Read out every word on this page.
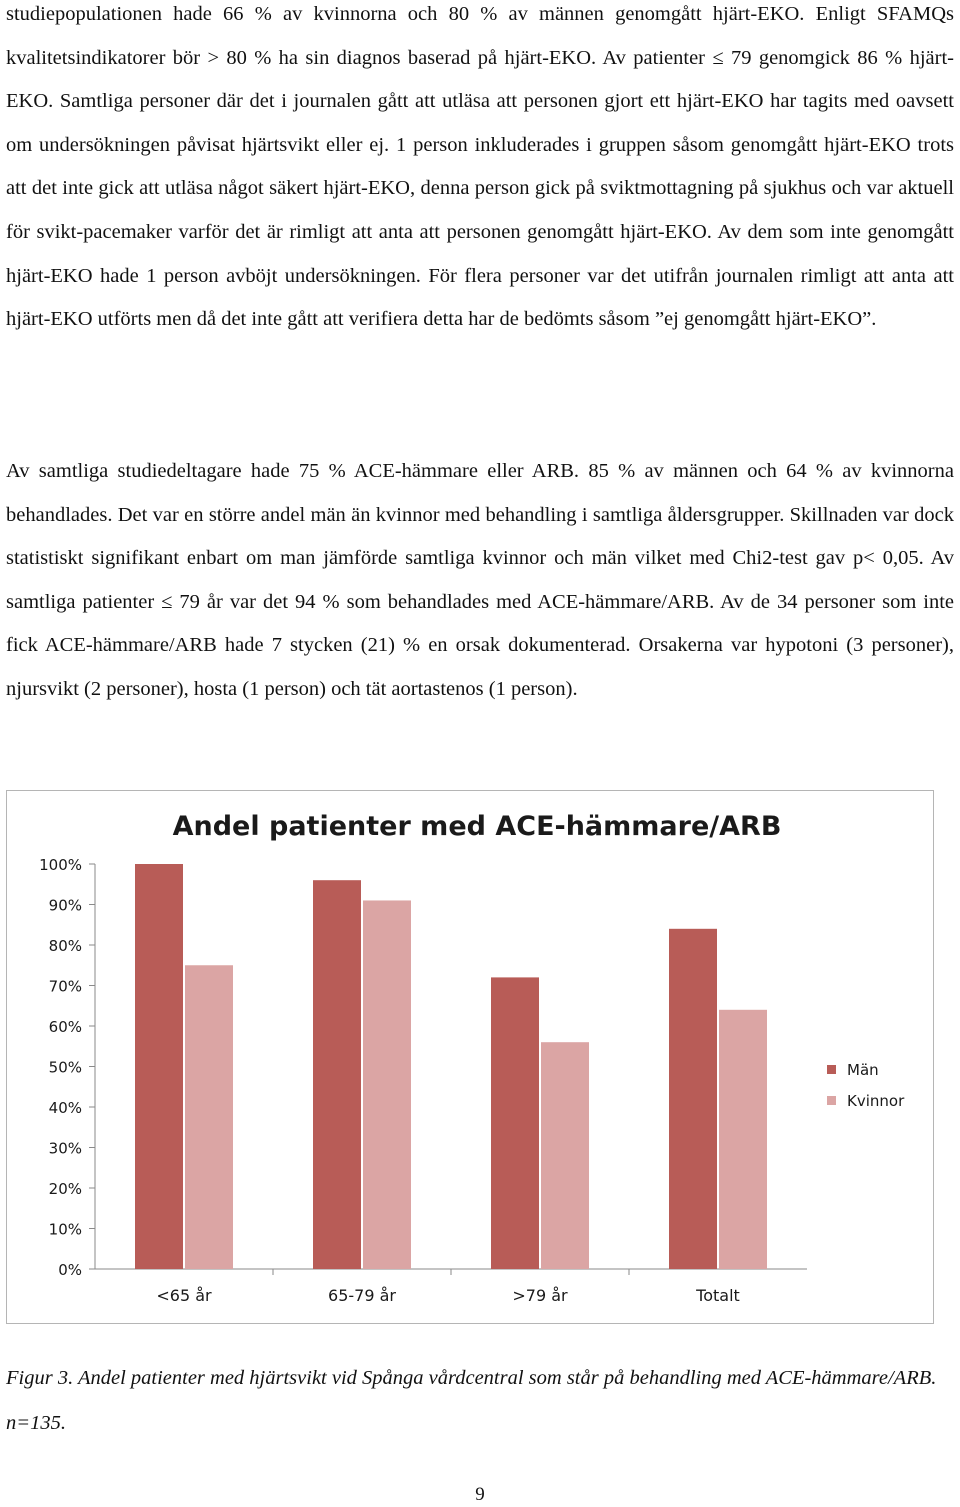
studiepopulationen hade 66 % av kvinnorna och 80 % av männen genomgått hjärt-EKO. Enligt SFAMQs kvalitetsindikatorer bör > 80 % ha sin diagnos baserad på hjärt-EKO. Av patienter ≤ 79 genomgick 86 % hjärt-EKO. Samtliga personer där det i journalen gått att utläsa att personen gjort ett hjärt-EKO har tagits med oavsett om undersökningen påvisat hjärtsvikt eller ej. 1 person inkluderades i gruppen såsom genomgått hjärt-EKO trots att det inte gick att utläsa något säkert hjärt-EKO, denna person gick på sviktmottagning på sjukhus och var aktuell för svikt-pacemaker varför det är rimligt att anta att personen genomgått hjärt-EKO. Av dem som inte genomgått hjärt-EKO hade 1 person avböjt undersökningen. För flera personer var det utifrån journalen rimligt att anta att hjärt-EKO utförts men då det inte gått att verifiera detta har de bedömts såsom ”ej genomgått hjärt-EKO”.

Av samtliga studiedeltagare hade 75 % ACE-hämmare eller ARB. 85 % av männen och 64 % av kvinnorna behandlades. Det var en större andel män än kvinnor med behandling i samtliga åldersgrupper. Skillnaden var dock statistiskt signifikant enbart om man jämförde samtliga kvinnor och män vilket med Chi2-test gav p< 0,05. Av samtliga patienter ≤ 79 år var det 94 % som behandlades med ACE-hämmare/ARB. Av de 34 personer som inte fick ACE-hämmare/ARB hade 7 stycken (21) % en orsak dokumenterad. Orsakerna var hypotoni (3 personer), njursvikt (2 personer), hosta (1 person) och tät aortastenos (1 person).

Andel patienter med ACE-hämmare/ARB
0%
10%
20%
30%
40%
50%
60%
70%
80%
90%
100%
<65 år	65-79 år	>79 år	Totalt
Män
Kvinnor

Figur 3. Andel patienter med hjärtsvikt vid Spånga vårdcentral som står på behandling med ACE-hämmare/ARB. n=135.

9
